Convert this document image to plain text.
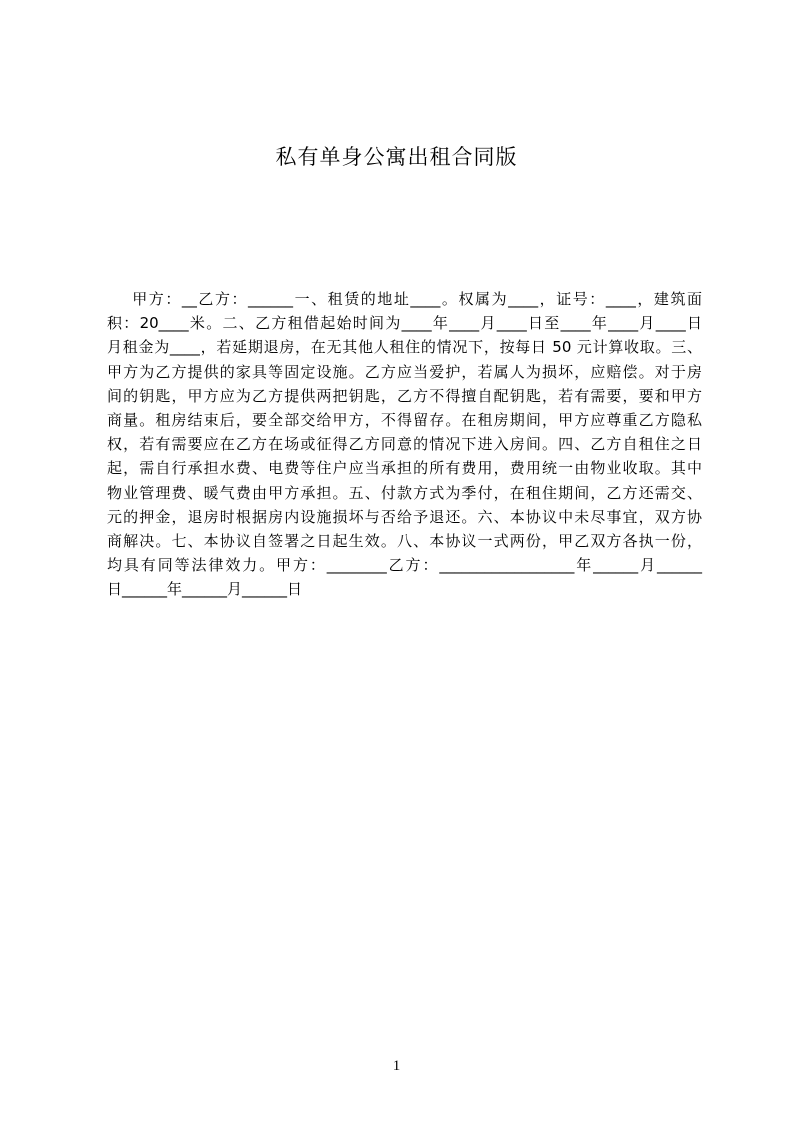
私有单身公寓出租合同版
甲方：__乙方：______一、租赁的地址____。权属为____，证号：____，建筑面
积：20____米。二、乙方租借起始时间为____年____月____日至____年____月____日
月租金为____，若延期退房，在无其他人租住的情况下，按每日 50 元计算收取。三、
甲方为乙方提供的家具等固定设施。乙方应当爱护，若属人为损坏，应赔偿。对于房
间的钥匙，甲方应为乙方提供两把钥匙，乙方不得擅自配钥匙，若有需要，要和甲方
商量。租房结束后，要全部交给甲方，不得留存。在租房期间，甲方应尊重乙方隐私
权，若有需要应在乙方在场或征得乙方同意的情况下进入房间。四、乙方自租住之日
起，需自行承担水费、电费等住户应当承担的所有费用，费用统一由物业收取。其中
物业管理费、暖气费由甲方承担。五、付款方式为季付，在租住期间，乙方还需交、
元的押金，退房时根据房内设施损坏与否给予退还。六、本协议中未尽事宜，双方协
商解决。七、本协议自签署之日起生效。八、本协议一式两份，甲乙双方各执一份，
均具有同等法律效力。甲方：________乙方：__________________年______月______
日______年______月______日
1
